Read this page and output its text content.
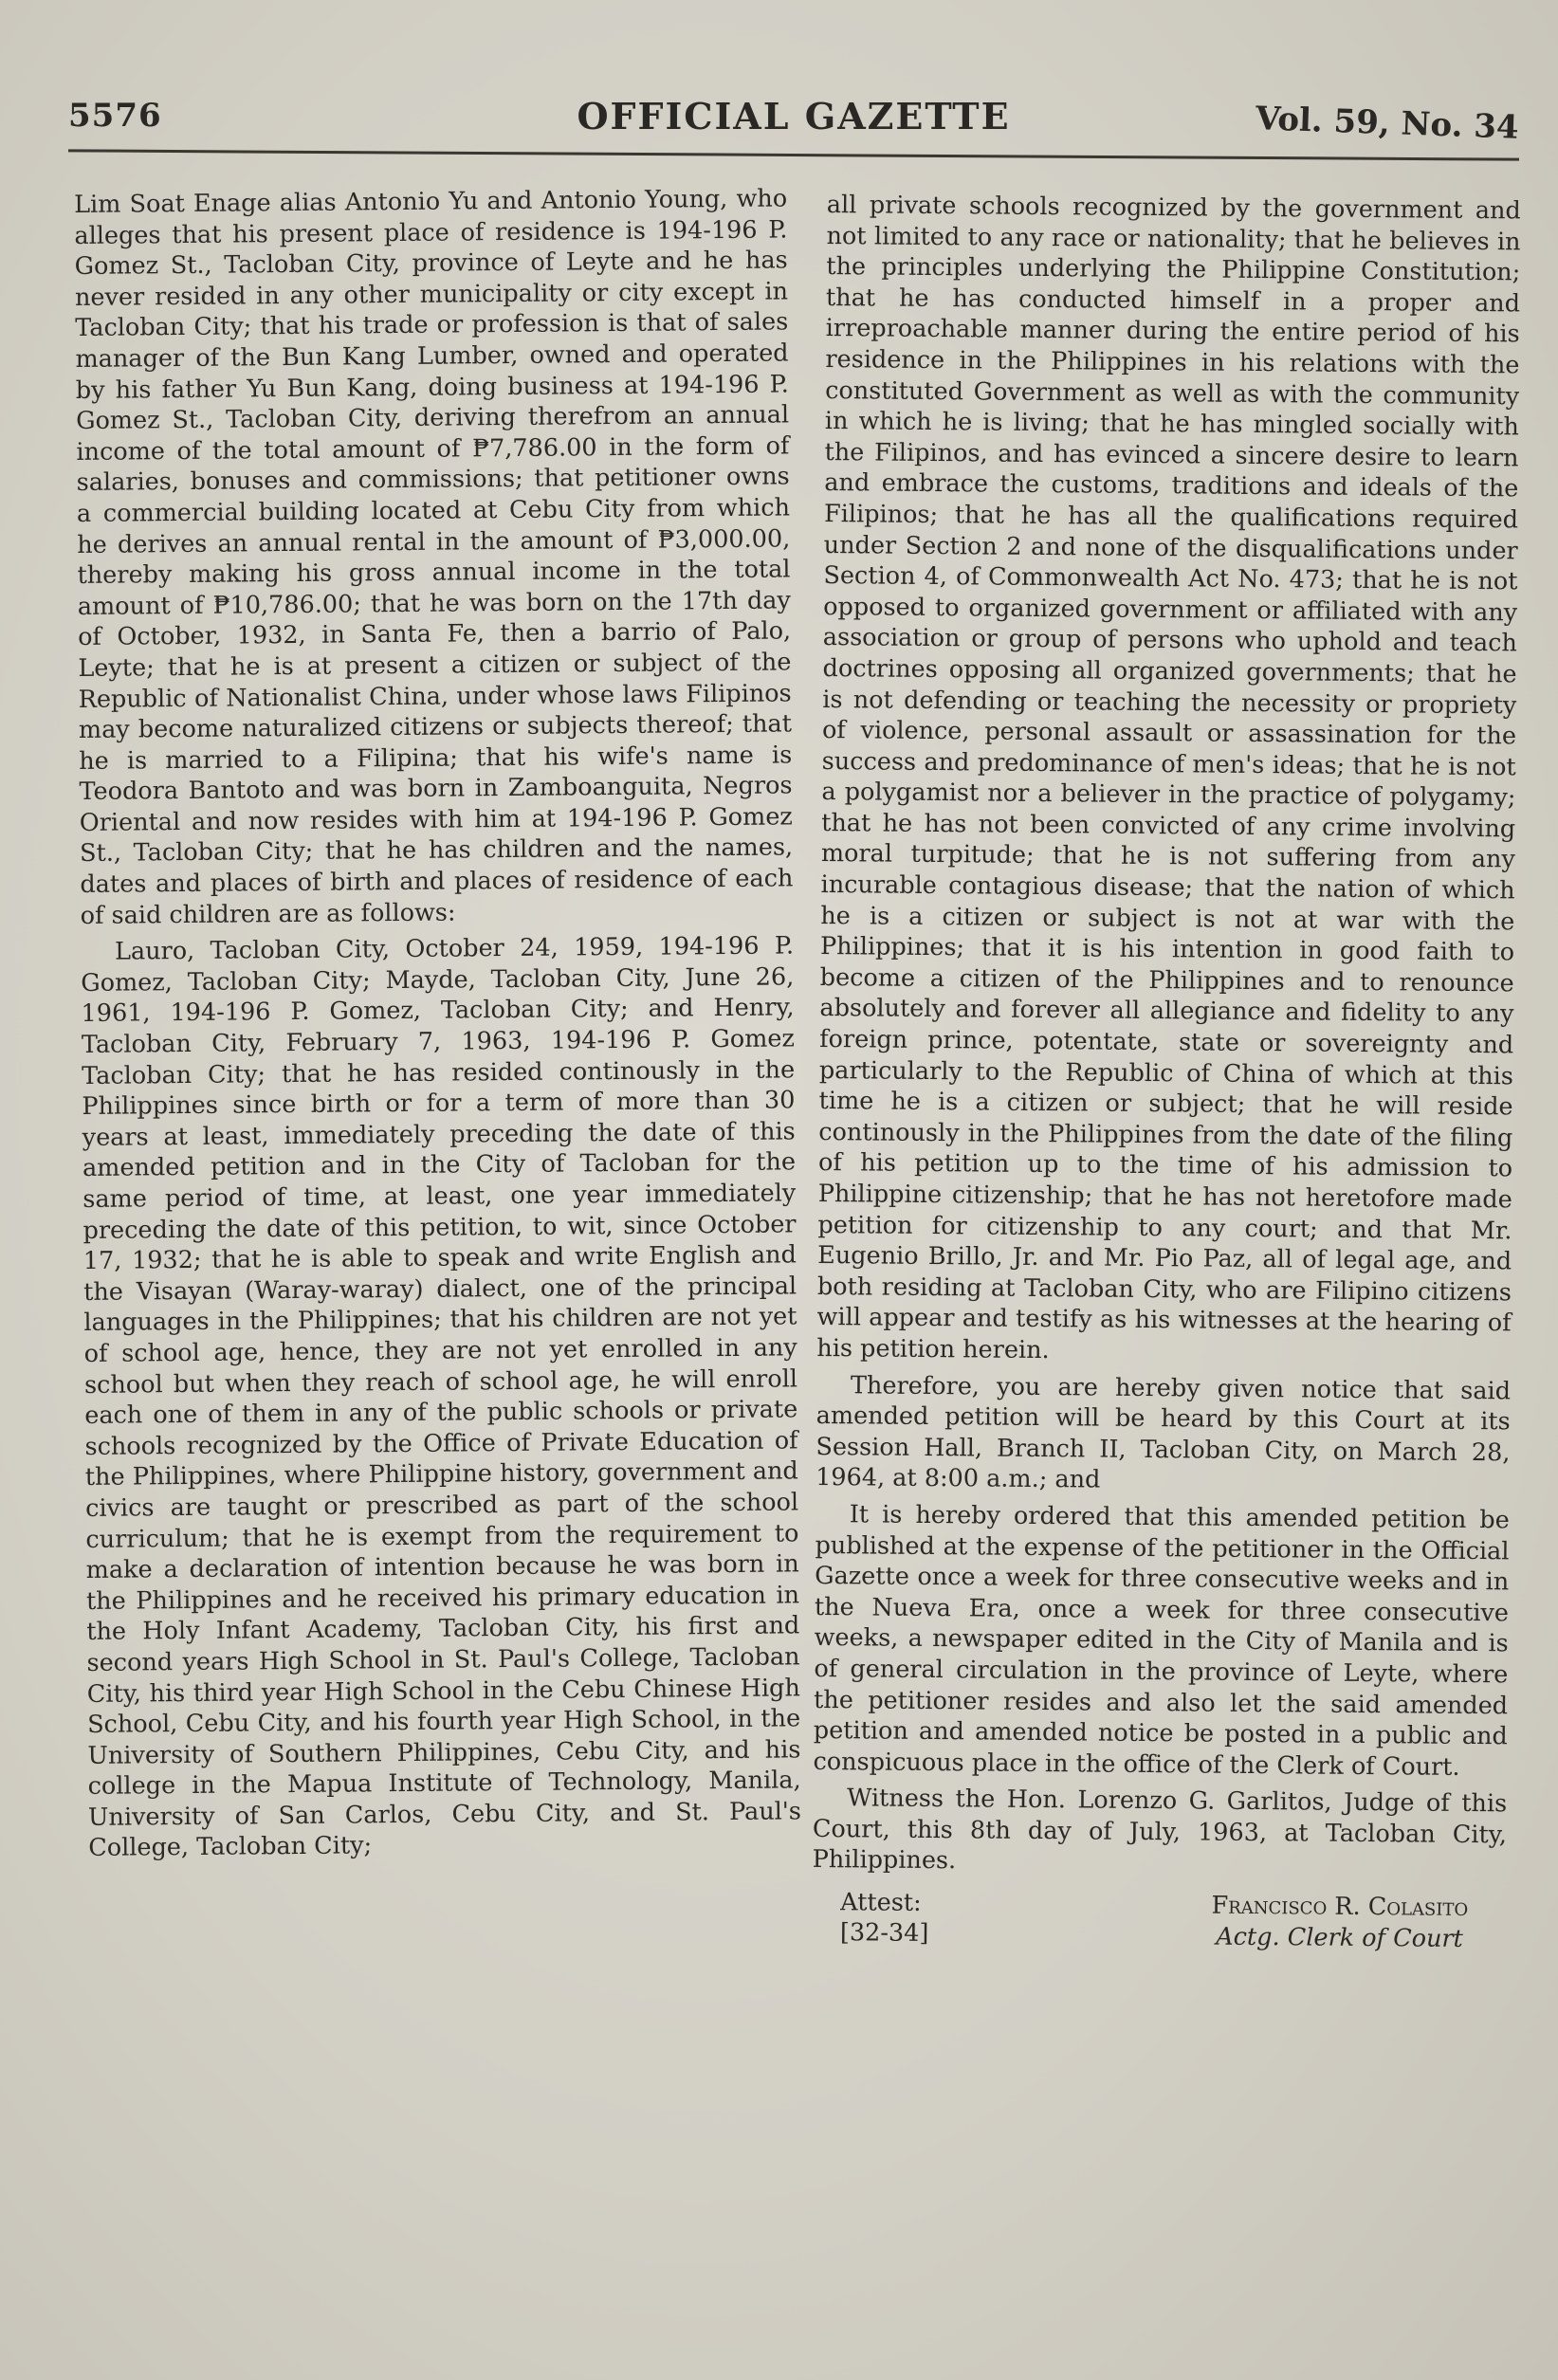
5576	OFFICIAL GAZETTE	Vol. 59, No. 34

Lim Soat Enage alias Antonio Yu and Antonio Young, who alleges that his present place of residence is 194-196 P. Gomez St., Tacloban City, province of Leyte and he has never resided in any other municipality or city except in Tacloban City; that his trade or profession is that of sales manager of the Bun Kang Lumber, owned and operated by his father Yu Bun Kang, doing business at 194-196 P. Gomez St., Tacloban City, deriving therefrom an annual income of the total amount of ₱7,786.00 in the form of salaries, bonuses and commissions; that petitioner owns a commercial building located at Cebu City from which he derives an annual rental in the amount of ₱3,000.00, thereby making his gross annual income in the total amount of ₱10,786.00; that he was born on the 17th day of October, 1932, in Santa Fe, then a barrio of Palo, Leyte; that he is at present a citizen or subject of the Republic of Nationalist China, under whose laws Filipinos may become naturalized citizens or subjects thereof; that he is married to a Filipina; that his wife's name is Teodora Bantoto and was born in Zamboanguita, Negros Oriental and now resides with him at 194-196 P. Gomez St., Tacloban City; that he has children and the names, dates and places of birth and places of residence of each of said children are as follows:

Lauro, Tacloban City, October 24, 1959, 194-196 P. Gomez, Tacloban City; Mayde, Tacloban City, June 26, 1961, 194-196 P. Gomez, Tacloban City; and Henry, Tacloban City, February 7, 1963, 194-196 P. Gomez Tacloban City; that he has resided continously in the Philippines since birth or for a term of more than 30 years at least, immediately preceding the date of this amended petition and in the City of Tacloban for the same period of time, at least, one year immediately preceding the date of this petition, to wit, since October 17, 1932; that he is able to speak and write English and the Visayan (Waray-waray) dialect, one of the principal languages in the Philippines; that his children are not yet of school age, hence, they are not yet enrolled in any school but when they reach of school age, he will enroll each one of them in any of the public schools or private schools recognized by the Office of Private Education of the Philippines, where Philippine history, government and civics are taught or prescribed as part of the school curriculum; that he is exempt from the requirement to make a declaration of intention because he was born in the Philippines and he received his primary education in the Holy Infant Academy, Tacloban City, his first and second years High School in St. Paul's College, Tacloban City, his third year High School in the Cebu Chinese High School, Cebu City, and his fourth year High School, in the University of Southern Philippines, Cebu City, and his college in the Mapua Institute of Technology, Manila, University of San Carlos, Cebu City, and St. Paul's College, Tacloban City;

all private schools recognized by the government and not limited to any race or nationality; that he believes in the principles underlying the Philippine Constitution; that he has conducted himself in a proper and irreproachable manner during the entire period of his residence in the Philippines in his relations with the constituted Government as well as with the community in which he is living; that he has mingled socially with the Filipinos, and has evinced a sincere desire to learn and embrace the customs, traditions and ideals of the Filipinos; that he has all the qualifications required under Section 2 and none of the disqualifications under Section 4, of Commonwealth Act No. 473; that he is not opposed to organized government or affiliated with any association or group of persons who uphold and teach doctrines opposing all organized governments; that he is not defending or teaching the necessity or propriety of violence, personal assault or assassination for the success and predominance of men's ideas; that he is not a polygamist nor a believer in the practice of polygamy; that he has not been convicted of any crime involving moral turpitude; that he is not suffering from any incurable contagious disease; that the nation of which he is a citizen or subject is not at war with the Philippines; that it is his intention in good faith to become a citizen of the Philippines and to renounce absolutely and forever all allegiance and fidelity to any foreign prince, potentate, state or sovereignty and particularly to the Republic of China of which at this time he is a citizen or subject; that he will reside continously in the Philippines from the date of the filing of his petition up to the time of his admission to Philippine citizenship; that he has not heretofore made petition for citizenship to any court; and that Mr. Eugenio Brillo, Jr. and Mr. Pio Paz, all of legal age, and both residing at Tacloban City, who are Filipino citizens will appear and testify as his witnesses at the hearing of his petition herein.

Therefore, you are hereby given notice that said amended petition will be heard by this Court at its Session Hall, Branch II, Tacloban City, on March 28, 1964, at 8:00 a.m.; and

It is hereby ordered that this amended petition be published at the expense of the petitioner in the Official Gazette once a week for three consecutive weeks and in the Nueva Era, once a week for three consecutive weeks, a newspaper edited in the City of Manila and is of general circulation in the province of Leyte, where the petitioner resides and also let the said amended petition and amended notice be posted in a public and conspicuous place in the office of the Clerk of Court.

Witness the Hon. Lorenzo G. Garlitos, Judge of this Court, this 8th day of July, 1963, at Tacloban City, Philippines.

Attest:
[32-34]
Francisco R. Colasito
Actg. Clerk of Court
